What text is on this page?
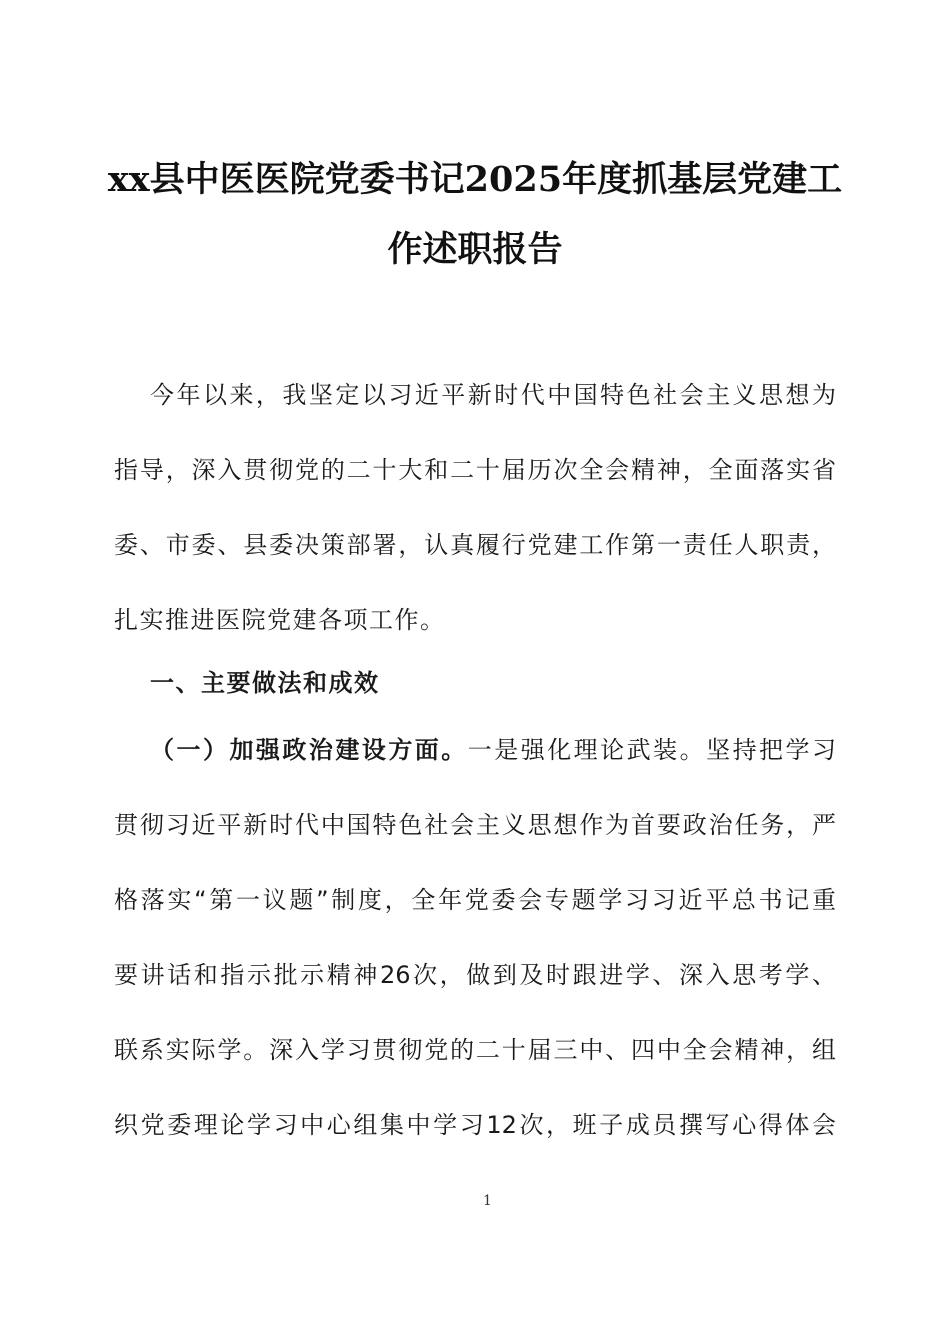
xx县中医医院党委书记2025年度抓基层党建工
作述职报告
今年以来，我坚定以习近平新时代中国特色社会主义思想为
指导，深入贯彻党的二十大和二十届历次全会精神，全面落实省
委、市委、县委决策部署，认真履行党建工作第一责任人职责，
扎实推进医院党建各项工作。
一、主要做法和成效
（一）加强政治建设方面。一是强化理论武装。坚持把学习
贯彻习近平新时代中国特色社会主义思想作为首要政治任务，严
格落实“第一议题”制度，全年党委会专题学习习近平总书记重
要讲话和指示批示精神26次，做到及时跟进学、深入思考学、
联系实际学。深入学习贯彻党的二十届三中、四中全会精神，组
织党委理论学习中心组集中学习12次，班子成员撰写心得体会
1
